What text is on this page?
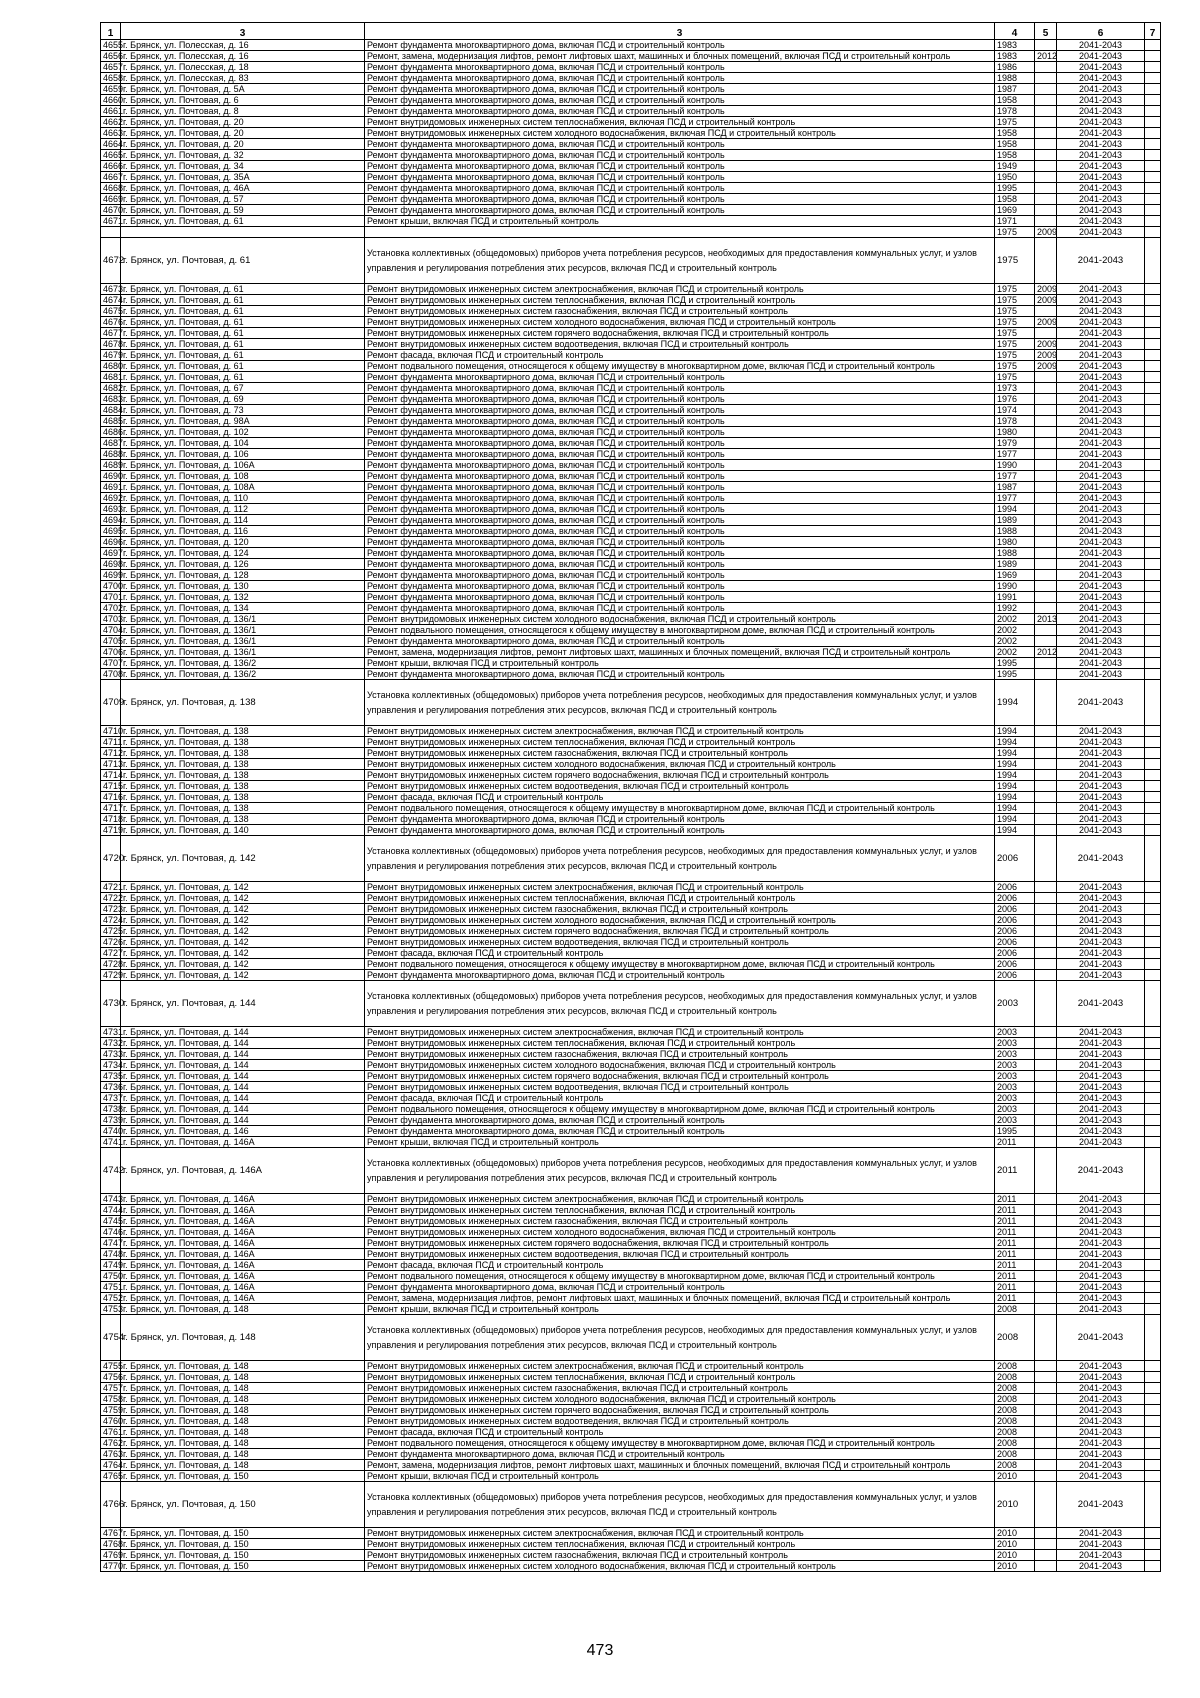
1	3	3	4	5	6	7
4655	г. Брянск, ул. Полесская, д. 16	Ремонт фундамента многоквартирного дома, включая ПСД и строительный контроль	1983		2041-2043	
4656	г. Брянск, ул. Полесская, д. 16	Ремонт, замена, модернизация лифтов, ремонт лифтовых шахт, машинных и блочных помещений, включая ПСД и строительный контроль	1983	2012	2041-2043	
4657	г. Брянск, ул. Полесская, д. 18	Ремонт фундамента многоквартирного дома, включая ПСД и строительный контроль	1986		2041-2043	
4658	г. Брянск, ул. Полесская, д. 83	Ремонт фундамента многоквартирного дома, включая ПСД и строительный контроль	1988		2041-2043	
4659	г. Брянск, ул. Почтовая, д. 5А	Ремонт фундамента многоквартирного дома, включая ПСД и строительный контроль	1987		2041-2043	
4660	г. Брянск, ул. Почтовая, д. 6	Ремонт фундамента многоквартирного дома, включая ПСД и строительный контроль	1958		2041-2043	
4661	г. Брянск, ул. Почтовая, д. 8	Ремонт фундамента многоквартирного дома, включая ПСД и строительный контроль	1978		2041-2043	
4662	г. Брянск, ул. Почтовая, д. 20	Ремонт внутридомовых инженерных систем теплоснабжения, включая ПСД и строительный контроль	1975		2041-2043	
4663	г. Брянск, ул. Почтовая, д. 20	Ремонт внутридомовых инженерных систем холодного водоснабжения, включая ПСД и строительный контроль	1958		2041-2043	
4664	г. Брянск, ул. Почтовая, д. 20	Ремонт фундамента многоквартирного дома, включая ПСД и строительный контроль	1958		2041-2043	
4665	г. Брянск, ул. Почтовая, д. 32	Ремонт фундамента многоквартирного дома, включая ПСД и строительный контроль	1958		2041-2043	
4666	г. Брянск, ул. Почтовая, д. 34	Ремонт фундамента многоквартирного дома, включая ПСД и строительный контроль	1949		2041-2043	
4667	г. Брянск, ул. Почтовая, д. 35А	Ремонт фундамента многоквартирного дома, включая ПСД и строительный контроль	1950		2041-2043	
4668	г. Брянск, ул. Почтовая, д. 46А	Ремонт фундамента многоквартирного дома, включая ПСД и строительный контроль	1995		2041-2043	
4669	г. Брянск, ул. Почтовая, д. 57	Ремонт фундамента многоквартирного дома, включая ПСД и строительный контроль	1958		2041-2043	
4670	г. Брянск, ул. Почтовая, д. 59	Ремонт фундамента многоквартирного дома, включая ПСД и строительный контроль	1969		2041-2043	
4671	г. Брянск, ул. Почтовая, д. 61	Ремонт крыши, включая ПСД и строительный контроль	1971		2041-2043	
			1975	2009	2041-2043	
4672	г. Брянск, ул. Почтовая, д. 61	Установка коллективных (общедомовых) приборов учета потребления ресурсов, необходимых для предоставления коммунальных услуг, и узлов управления и регулирования потребления этих ресурсов, включая ПСД и строительный контроль	1975		2041-2043	
4673	г. Брянск, ул. Почтовая, д. 61	Ремонт внутридомовых инженерных систем электроснабжения, включая ПСД и строительный контроль	1975	2009	2041-2043	
4674	г. Брянск, ул. Почтовая, д. 61	Ремонт внутридомовых инженерных систем теплоснабжения, включая ПСД и строительный контроль	1975	2009	2041-2043	
4675	г. Брянск, ул. Почтовая, д. 61	Ремонт внутридомовых инженерных систем газоснабжения, включая ПСД и строительный контроль	1975		2041-2043	
4676	г. Брянск, ул. Почтовая, д. 61	Ремонт внутридомовых инженерных систем холодного водоснабжения, включая ПСД и строительный контроль	1975	2009	2041-2043	
4677	г. Брянск, ул. Почтовая, д. 61	Ремонт внутридомовых инженерных систем горячего водоснабжения, включая ПСД и строительный контроль	1975		2041-2043	
4678	г. Брянск, ул. Почтовая, д. 61	Ремонт внутридомовых инженерных систем водоотведения, включая ПСД и строительный контроль	1975	2009	2041-2043	
4679	г. Брянск, ул. Почтовая, д. 61	Ремонт фасада, включая ПСД и строительный контроль	1975	2009	2041-2043	
4680	г. Брянск, ул. Почтовая, д. 61	Ремонт подвального помещения, относящегося к общему имуществу в многоквартирном доме, включая ПСД и строительный контроль	1975	2009	2041-2043	
4681	г. Брянск, ул. Почтовая, д. 61	Ремонт фундамента многоквартирного дома, включая ПСД и строительный контроль	1975		2041-2043	
4682	г. Брянск, ул. Почтовая, д. 67	Ремонт фундамента многоквартирного дома, включая ПСД и строительный контроль	1973		2041-2043	
4683	г. Брянск, ул. Почтовая, д. 69	Ремонт фундамента многоквартирного дома, включая ПСД и строительный контроль	1976		2041-2043	
4684	г. Брянск, ул. Почтовая, д. 73	Ремонт фундамента многоквартирного дома, включая ПСД и строительный контроль	1974		2041-2043	
4685	г. Брянск, ул. Почтовая, д. 98А	Ремонт фундамента многоквартирного дома, включая ПСД и строительный контроль	1978		2041-2043	
4686	г. Брянск, ул. Почтовая, д. 102	Ремонт фундамента многоквартирного дома, включая ПСД и строительный контроль	1980		2041-2043	
4687	г. Брянск, ул. Почтовая, д. 104	Ремонт фундамента многоквартирного дома, включая ПСД и строительный контроль	1979		2041-2043	
4688	г. Брянск, ул. Почтовая, д. 106	Ремонт фундамента многоквартирного дома, включая ПСД и строительный контроль	1977		2041-2043	
4689	г. Брянск, ул. Почтовая, д. 106А	Ремонт фундамента многоквартирного дома, включая ПСД и строительный контроль	1990		2041-2043	
4690	г. Брянск, ул. Почтовая, д. 108	Ремонт фундамента многоквартирного дома, включая ПСД и строительный контроль	1977		2041-2043	
4691	г. Брянск, ул. Почтовая, д. 108А	Ремонт фундамента многоквартирного дома, включая ПСД и строительный контроль	1987		2041-2043	
4692	г. Брянск, ул. Почтовая, д. 110	Ремонт фундамента многоквартирного дома, включая ПСД и строительный контроль	1977		2041-2043	
4693	г. Брянск, ул. Почтовая, д. 112	Ремонт фундамента многоквартирного дома, включая ПСД и строительный контроль	1994		2041-2043	
4694	г. Брянск, ул. Почтовая, д. 114	Ремонт фундамента многоквартирного дома, включая ПСД и строительный контроль	1989		2041-2043	
4695	г. Брянск, ул. Почтовая, д. 116	Ремонт фундамента многоквартирного дома, включая ПСД и строительный контроль	1988		2041-2043	
4696	г. Брянск, ул. Почтовая, д. 120	Ремонт фундамента многоквартирного дома, включая ПСД и строительный контроль	1980		2041-2043	
4697	г. Брянск, ул. Почтовая, д. 124	Ремонт фундамента многоквартирного дома, включая ПСД и строительный контроль	1988		2041-2043	
4698	г. Брянск, ул. Почтовая, д. 126	Ремонт фундамента многоквартирного дома, включая ПСД и строительный контроль	1989		2041-2043	
4699	г. Брянск, ул. Почтовая, д. 128	Ремонт фундамента многоквартирного дома, включая ПСД и строительный контроль	1969		2041-2043	
4700	г. Брянск, ул. Почтовая, д. 130	Ремонт фундамента многоквартирного дома, включая ПСД и строительный контроль	1990		2041-2043	
4701	г. Брянск, ул. Почтовая, д. 132	Ремонт фундамента многоквартирного дома, включая ПСД и строительный контроль	1991		2041-2043	
4702	г. Брянск, ул. Почтовая, д. 134	Ремонт фундамента многоквартирного дома, включая ПСД и строительный контроль	1992		2041-2043	
4703	г. Брянск, ул. Почтовая, д. 136/1	Ремонт внутридомовых инженерных систем холодного водоснабжения, включая ПСД и строительный контроль	2002	2013	2041-2043	
4704	г. Брянск, ул. Почтовая, д. 136/1	Ремонт подвального помещения, относящегося к общему имуществу в многоквартирном доме, включая ПСД и строительный контроль	2002		2041-2043	
4705	г. Брянск, ул. Почтовая, д. 136/1	Ремонт фундамента многоквартирного дома, включая ПСД и строительный контроль	2002		2041-2043	
4706	г. Брянск, ул. Почтовая, д. 136/1	Ремонт, замена, модернизация лифтов, ремонт лифтовых шахт, машинных и блочных помещений, включая ПСД и строительный контроль	2002	2012	2041-2043	
4707	г. Брянск, ул. Почтовая, д. 136/2	Ремонт крыши, включая ПСД и строительный контроль	1995		2041-2043	
4708	г. Брянск, ул. Почтовая, д. 136/2	Ремонт фундамента многоквартирного дома, включая ПСД и строительный контроль	1995		2041-2043	
4709	г. Брянск, ул. Почтовая, д. 138	Установка коллективных (общедомовых) приборов учета потребления ресурсов, необходимых для предоставления коммунальных услуг, и узлов управления и регулирования потребления этих ресурсов, включая ПСД и строительный контроль	1994		2041-2043	
4710	г. Брянск, ул. Почтовая, д. 138	Ремонт внутридомовых инженерных систем электроснабжения, включая ПСД и строительный контроль	1994		2041-2043	
4711	г. Брянск, ул. Почтовая, д. 138	Ремонт внутридомовых инженерных систем теплоснабжения, включая ПСД и строительный контроль	1994		2041-2043	
4712	г. Брянск, ул. Почтовая, д. 138	Ремонт внутридомовых инженерных систем газоснабжения, включая ПСД и строительный контроль	1994		2041-2043	
4713	г. Брянск, ул. Почтовая, д. 138	Ремонт внутридомовых инженерных систем холодного водоснабжения, включая ПСД и строительный контроль	1994		2041-2043	
4714	г. Брянск, ул. Почтовая, д. 138	Ремонт внутридомовых инженерных систем горячего водоснабжения, включая ПСД и строительный контроль	1994		2041-2043	
4715	г. Брянск, ул. Почтовая, д. 138	Ремонт внутридомовых инженерных систем водоотведения, включая ПСД и строительный контроль	1994		2041-2043	
4716	г. Брянск, ул. Почтовая, д. 138	Ремонт фасада, включая ПСД и строительный контроль	1994		2041-2043	
4717	г. Брянск, ул. Почтовая, д. 138	Ремонт подвального помещения, относящегося к общему имуществу в многоквартирном доме, включая ПСД и строительный контроль	1994		2041-2043	
4718	г. Брянск, ул. Почтовая, д. 138	Ремонт фундамента многоквартирного дома, включая ПСД и строительный контроль	1994		2041-2043	
4719	г. Брянск, ул. Почтовая, д. 140	Ремонт фундамента многоквартирного дома, включая ПСД и строительный контроль	1994		2041-2043	
4720	г. Брянск, ул. Почтовая, д. 142	Установка коллективных (общедомовых) приборов учета потребления ресурсов, необходимых для предоставления коммунальных услуг, и узлов управления и регулирования потребления этих ресурсов, включая ПСД и строительный контроль	2006		2041-2043	
4721	г. Брянск, ул. Почтовая, д. 142	Ремонт внутридомовых инженерных систем электроснабжения, включая ПСД и строительный контроль	2006		2041-2043	
4722	г. Брянск, ул. Почтовая, д. 142	Ремонт внутридомовых инженерных систем теплоснабжения, включая ПСД и строительный контроль	2006		2041-2043	
4723	г. Брянск, ул. Почтовая, д. 142	Ремонт внутридомовых инженерных систем газоснабжения, включая ПСД и строительный контроль	2006		2041-2043	
4724	г. Брянск, ул. Почтовая, д. 142	Ремонт внутридомовых инженерных систем холодного водоснабжения, включая ПСД и строительный контроль	2006		2041-2043	
4725	г. Брянск, ул. Почтовая, д. 142	Ремонт внутридомовых инженерных систем горячего водоснабжения, включая ПСД и строительный контроль	2006		2041-2043	
4726	г. Брянск, ул. Почтовая, д. 142	Ремонт внутридомовых инженерных систем водоотведения, включая ПСД и строительный контроль	2006		2041-2043	
4727	г. Брянск, ул. Почтовая, д. 142	Ремонт фасада, включая ПСД и строительный контроль	2006		2041-2043	
4728	г. Брянск, ул. Почтовая, д. 142	Ремонт подвального помещения, относящегося к общему имуществу в многоквартирном доме, включая ПСД и строительный контроль	2006		2041-2043	
4729	г. Брянск, ул. Почтовая, д. 142	Ремонт фундамента многоквартирного дома, включая ПСД и строительный контроль	2006		2041-2043	
4730	г. Брянск, ул. Почтовая, д. 144	Установка коллективных (общедомовых) приборов учета потребления ресурсов, необходимых для предоставления коммунальных услуг, и узлов управления и регулирования потребления этих ресурсов, включая ПСД и строительный контроль	2003		2041-2043	
4731	г. Брянск, ул. Почтовая, д. 144	Ремонт внутридомовых инженерных систем электроснабжения, включая ПСД и строительный контроль	2003		2041-2043	
4732	г. Брянск, ул. Почтовая, д. 144	Ремонт внутридомовых инженерных систем теплоснабжения, включая ПСД и строительный контроль	2003		2041-2043	
4733	г. Брянск, ул. Почтовая, д. 144	Ремонт внутридомовых инженерных систем газоснабжения, включая ПСД и строительный контроль	2003		2041-2043	
4734	г. Брянск, ул. Почтовая, д. 144	Ремонт внутридомовых инженерных систем холодного водоснабжения, включая ПСД и строительный контроль	2003		2041-2043	
4735	г. Брянск, ул. Почтовая, д. 144	Ремонт внутридомовых инженерных систем горячего водоснабжения, включая ПСД и строительный контроль	2003		2041-2043	
4736	г. Брянск, ул. Почтовая, д. 144	Ремонт внутридомовых инженерных систем водоотведения, включая ПСД и строительный контроль	2003		2041-2043	
4737	г. Брянск, ул. Почтовая, д. 144	Ремонт фасада, включая ПСД и строительный контроль	2003		2041-2043	
4738	г. Брянск, ул. Почтовая, д. 144	Ремонт подвального помещения, относящегося к общему имуществу в многоквартирном доме, включая ПСД и строительный контроль	2003		2041-2043	
4739	г. Брянск, ул. Почтовая, д. 144	Ремонт фундамента многоквартирного дома, включая ПСД и строительный контроль	2003		2041-2043	
4740	г. Брянск, ул. Почтовая, д. 146	Ремонт фундамента многоквартирного дома, включая ПСД и строительный контроль	1995		2041-2043	
4741	г. Брянск, ул. Почтовая, д. 146А	Ремонт крыши, включая ПСД и строительный контроль	2011		2041-2043	
4742	г. Брянск, ул. Почтовая, д. 146А	Установка коллективных (общедомовых) приборов учета потребления ресурсов, необходимых для предоставления коммунальных услуг, и узлов управления и регулирования потребления этих ресурсов, включая ПСД и строительный контроль	2011		2041-2043	
4743	г. Брянск, ул. Почтовая, д. 146А	Ремонт внутридомовых инженерных систем электроснабжения, включая ПСД и строительный контроль	2011		2041-2043	
4744	г. Брянск, ул. Почтовая, д. 146А	Ремонт внутридомовых инженерных систем теплоснабжения, включая ПСД и строительный контроль	2011		2041-2043	
4745	г. Брянск, ул. Почтовая, д. 146А	Ремонт внутридомовых инженерных систем газоснабжения, включая ПСД и строительный контроль	2011		2041-2043	
4746	г. Брянск, ул. Почтовая, д. 146А	Ремонт внутридомовых инженерных систем холодного водоснабжения, включая ПСД и строительный контроль	2011		2041-2043	
4747	г. Брянск, ул. Почтовая, д. 146А	Ремонт внутридомовых инженерных систем горячего водоснабжения, включая ПСД и строительный контроль	2011		2041-2043	
4748	г. Брянск, ул. Почтовая, д. 146А	Ремонт внутридомовых инженерных систем водоотведения, включая ПСД и строительный контроль	2011		2041-2043	
4749	г. Брянск, ул. Почтовая, д. 146А	Ремонт фасада, включая ПСД и строительный контроль	2011		2041-2043	
4750	г. Брянск, ул. Почтовая, д. 146А	Ремонт подвального помещения, относящегося к общему имуществу в многоквартирном доме, включая ПСД и строительный контроль	2011		2041-2043	
4751	г. Брянск, ул. Почтовая, д. 146А	Ремонт фундамента многоквартирного дома, включая ПСД и строительный контроль	2011		2041-2043	
4752	г. Брянск, ул. Почтовая, д. 146А	Ремонт, замена, модернизация лифтов, ремонт лифтовых шахт, машинных и блочных помещений, включая ПСД и строительный контроль	2011		2041-2043	
4753	г. Брянск, ул. Почтовая, д. 148	Ремонт крыши, включая ПСД и строительный контроль	2008		2041-2043	
4754	г. Брянск, ул. Почтовая, д. 148	Установка коллективных (общедомовых) приборов учета потребления ресурсов, необходимых для предоставления коммунальных услуг, и узлов управления и регулирования потребления этих ресурсов, включая ПСД и строительный контроль	2008		2041-2043	
4755	г. Брянск, ул. Почтовая, д. 148	Ремонт внутридомовых инженерных систем электроснабжения, включая ПСД и строительный контроль	2008		2041-2043	
4756	г. Брянск, ул. Почтовая, д. 148	Ремонт внутридомовых инженерных систем теплоснабжения, включая ПСД и строительный контроль	2008		2041-2043	
4757	г. Брянск, ул. Почтовая, д. 148	Ремонт внутридомовых инженерных систем газоснабжения, включая ПСД и строительный контроль	2008		2041-2043	
4758	г. Брянск, ул. Почтовая, д. 148	Ремонт внутридомовых инженерных систем холодного водоснабжения, включая ПСД и строительный контроль	2008		2041-2043	
4759	г. Брянск, ул. Почтовая, д. 148	Ремонт внутридомовых инженерных систем горячего водоснабжения, включая ПСД и строительный контроль	2008		2041-2043	
4760	г. Брянск, ул. Почтовая, д. 148	Ремонт внутридомовых инженерных систем водоотведения, включая ПСД и строительный контроль	2008		2041-2043	
4761	г. Брянск, ул. Почтовая, д. 148	Ремонт фасада, включая ПСД и строительный контроль	2008		2041-2043	
4762	г. Брянск, ул. Почтовая, д. 148	Ремонт подвального помещения, относящегося к общему имуществу в многоквартирном доме, включая ПСД и строительный контроль	2008		2041-2043	
4763	г. Брянск, ул. Почтовая, д. 148	Ремонт фундамента многоквартирного дома, включая ПСД и строительный контроль	2008		2041-2043	
4764	г. Брянск, ул. Почтовая, д. 148	Ремонт, замена, модернизация лифтов, ремонт лифтовых шахт, машинных и блочных помещений, включая ПСД и строительный контроль	2008		2041-2043	
4765	г. Брянск, ул. Почтовая, д. 150	Ремонт крыши, включая ПСД и строительный контроль	2010		2041-2043	
4766	г. Брянск, ул. Почтовая, д. 150	Установка коллективных (общедомовых) приборов учета потребления ресурсов, необходимых для предоставления коммунальных услуг, и узлов управления и регулирования потребления этих ресурсов, включая ПСД и строительный контроль	2010		2041-2043	
4767	г. Брянск, ул. Почтовая, д. 150	Ремонт внутридомовых инженерных систем электроснабжения, включая ПСД и строительный контроль	2010		2041-2043	
4768	г. Брянск, ул. Почтовая, д. 150	Ремонт внутридомовых инженерных систем теплоснабжения, включая ПСД и строительный контроль	2010		2041-2043	
4769	г. Брянск, ул. Почтовая, д. 150	Ремонт внутридомовых инженерных систем газоснабжения, включая ПСД и строительный контроль	2010		2041-2043	
4770	г. Брянск, ул. Почтовая, д. 150	Ремонт внутридомовых инженерных систем холодного водоснабжения, включая ПСД и строительный контроль	2010		2041-2043	
473
